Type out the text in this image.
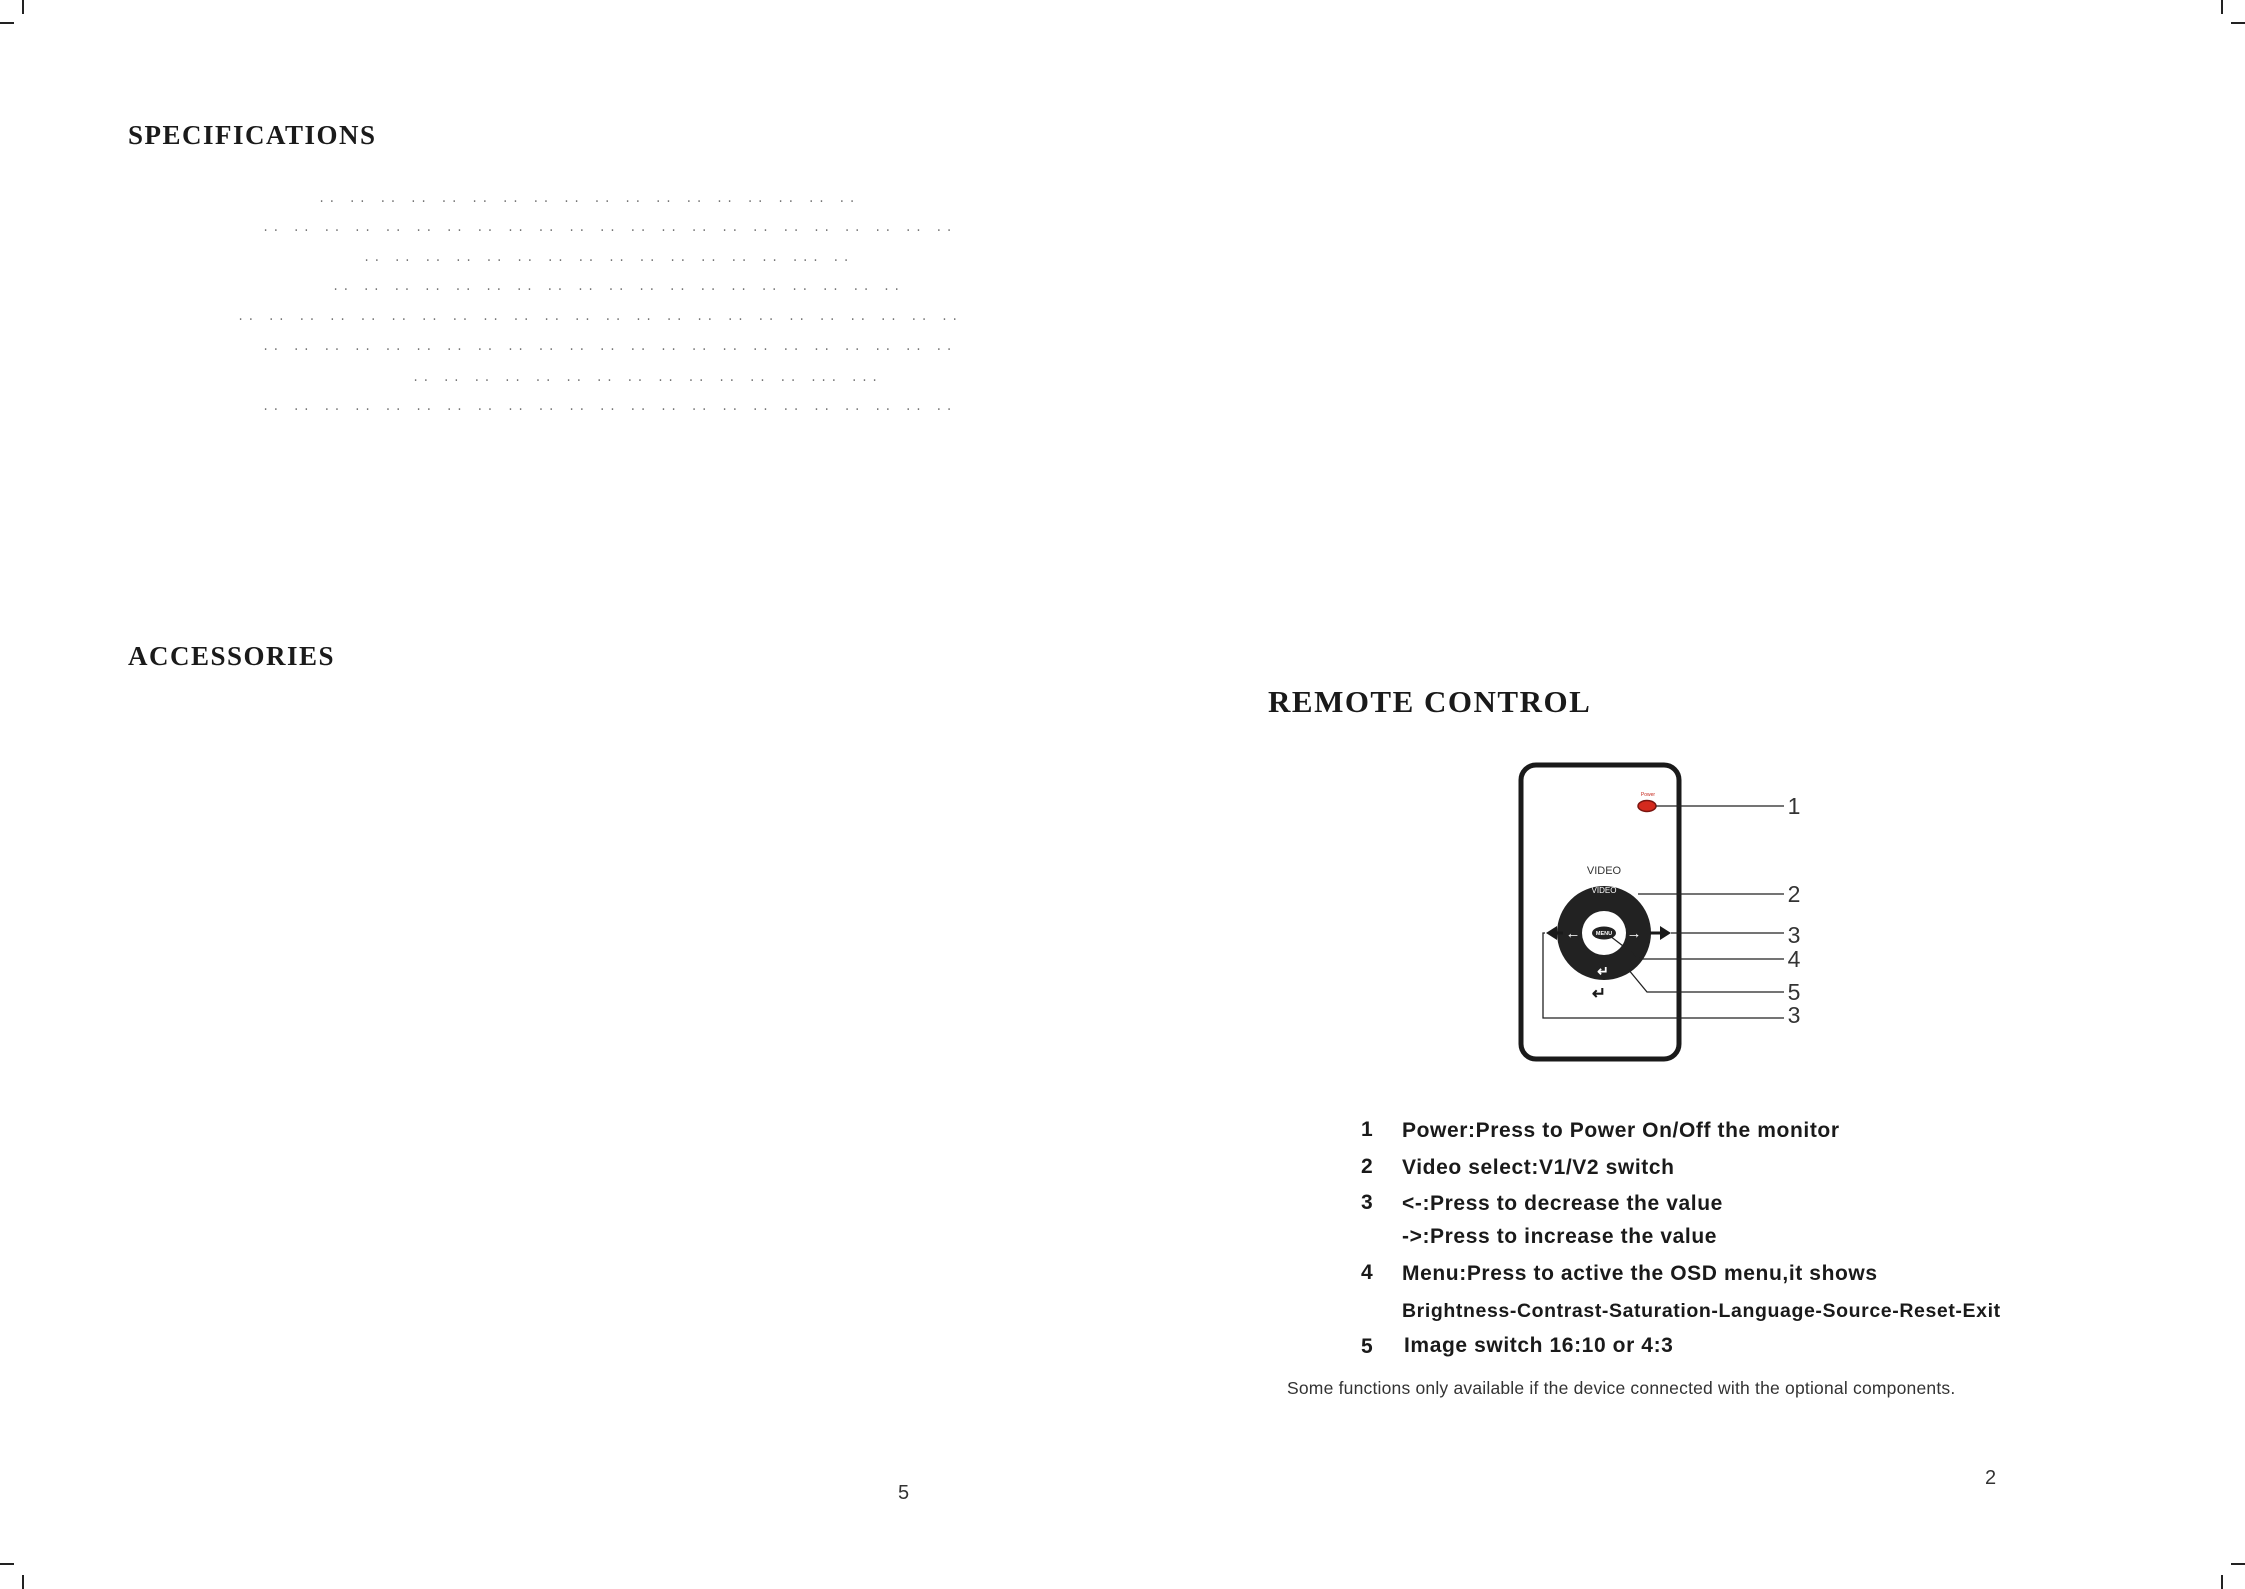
SPECIFICATIONS
.. .. .. .. .. .. .. .. .. .. .. .. .. .. .. .. .. ..
.. .. .. .. .. .. .. .. .. .. .. .. .. .. .. .. .. .. .. .. .. .. ..
.. .. .. .. .. .. .. .. .. .. .. .. .. .. ... ..
.. .. .. .. .. .. .. .. .. .. .. .. .. .. .. .. .. .. ..
.. .. .. .. .. .. .. .. .. .. .. .. .. .. .. .. .. .. .. .. .. .. .. ..
.. .. .. .. .. .. .. .. .. .. .. .. .. .. .. .. .. .. .. .. .. .. ..
.. .. .. .. .. .. .. .. .. .. .. .. .. ... ...
.. .. .. .. .. .. .. .. .. .. .. .. .. .. .. .. .. .. .. .. .. .. ..
ACCESSORIES
5
REMOTE CONTROL
Power	1
VIDEO
MENU
VIDEO
←	→
↵
↵
2
3
4
5
3
1 Power:Press to Power On/Off the monitor
2 Video select:V1/V2 switch
3 <-:Press to decrease the value
->:Press to increase the value
4 Menu:Press to active the OSD menu,it shows
Brightness-Contrast-Saturation-Language-Source-Reset-Exit
5 Image switch 16:10 or 4:3
Some functions only available if the device connected with the optional components.
2
